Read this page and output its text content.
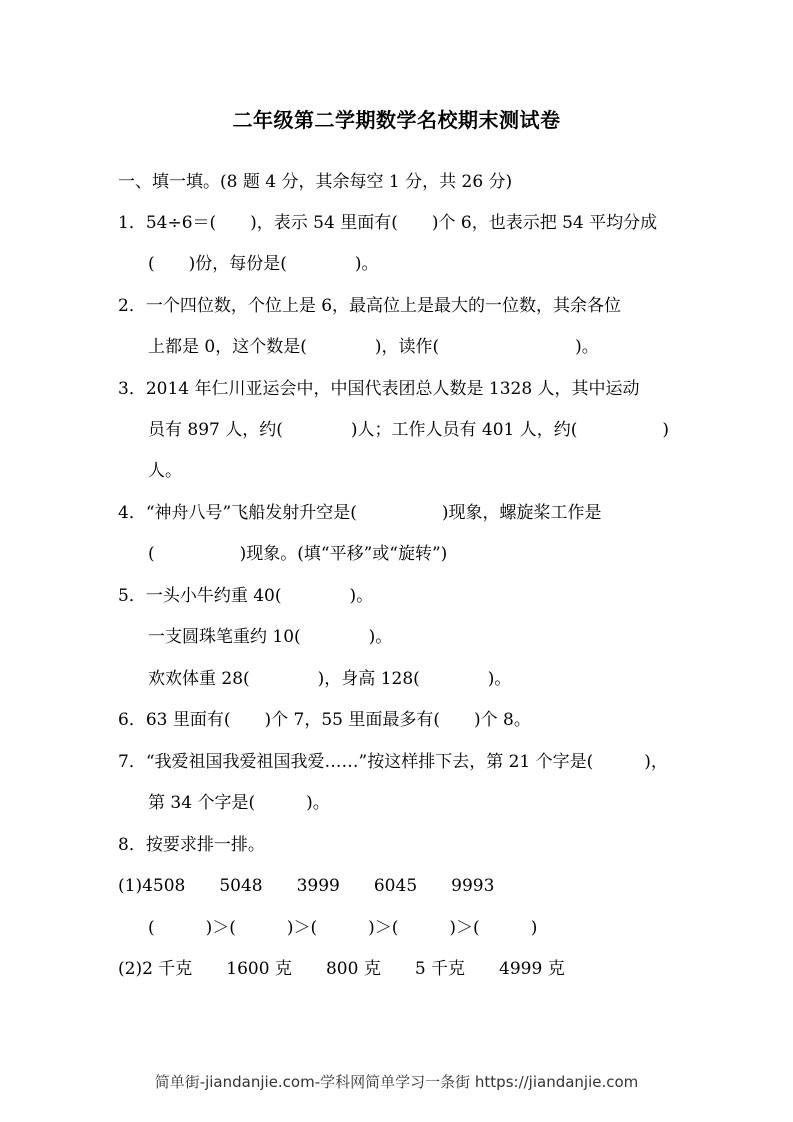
二年级第二学期数学名校期末测试卷
一、填一填。(8 题 4 分，其余每空 1 分，共 26 分)
1．54÷6＝(　　)，表示 54 里面有(　　)个 6，也表示把 54 平均分成
(　　)份，每份是(　　　　)。
2．一个四位数，个位上是 6，最高位上是最大的一位数，其余各位
上都是 0，这个数是(　　　　)，读作(　　　　　　　　)。
3．2014 年仁川亚运会中，中国代表团总人数是 1328 人，其中运动
员有 897 人，约(　　　　)人；工作人员有 401 人，约(　　　　　)
人。
4．“神舟八号”飞船发射升空是(　　　　　)现象，螺旋桨工作是
(　　　　　)现象。(填“平移”或“旋转”)
5．一头小牛约重 40(　　　　)。
一支圆珠笔重约 10(　　　　)。
欢欢体重 28(　　　　)，身高 128(　　　　)。
6．63 里面有(　　)个 7，55 里面最多有(　　)个 8。
7．“我爱祖国我爱祖国我爱……”按这样排下去，第 21 个字是(　　　)，
第 34 个字是(　　　)。
8．按要求排一排。
(1)4508　　5048　　3999　　6045　　9993
(　　　)＞(　　　)＞(　　　)＞(　　　)＞(　　　)
(2)2 千克　　1600 克　　800 克　　5 千克　　4999 克
简单街-jiandanjie.com-学科网简单学习一条街 https://jiandanjie.com
